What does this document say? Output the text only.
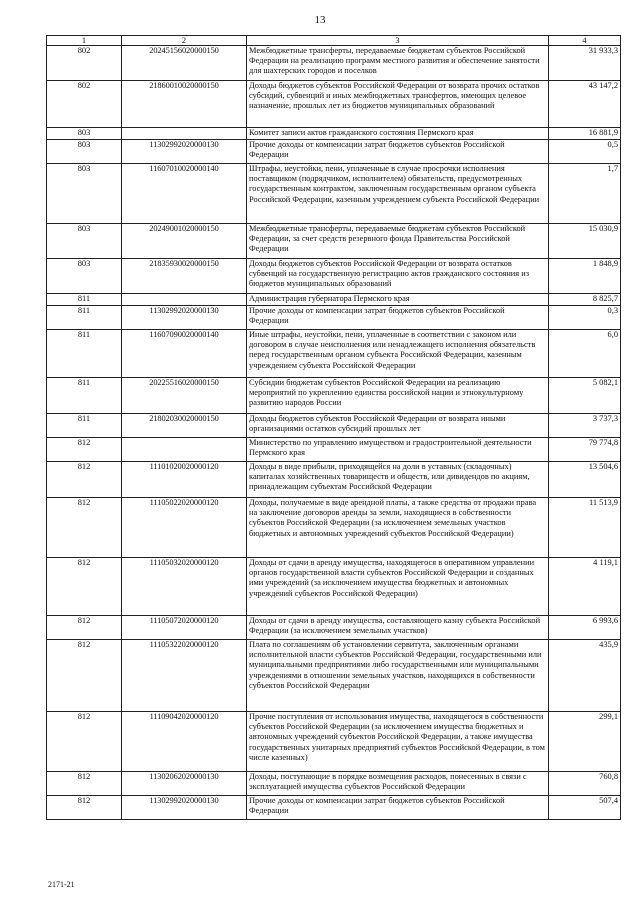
13
1	2	3	4
802	20245156020000150	Межбюджетные трансферты, передаваемые бюджетам субъектов Российской Федерации на реализацию программ местного развития и обеспечение занятости для шахтерских городов и поселков	31 933,3
802	21860010020000150	Доходы бюджетов субъектов Российской Федерации от возврата прочих остатков субсидий, субвенций и иных межбюджетных трансфертов, имеющих целевое назначение, прошлых лет из бюджетов муниципальных образований	43 147,2
803		Комитет записи актов гражданского состояния Пермского края	16 881,9
803	11302992020000130	Прочие доходы от компенсации затрат бюджетов субъектов Российской Федерации	0,5
803	11607010020000140	Штрафы, неустойки, пени, уплаченные в случае просрочки исполнения поставщиком (подрядчиком, исполнителем) обязательств, предусмотренных государственным контрактом, заключенным государственным органом субъекта Российской Федерации, казенным учреждением субъекта Российской Федерации	1,7
803	20249001020000150	Межбюджетные трансферты, передаваемые бюджетам субъектов Российской Федерации, за счет средств резервного фонда Правительства Российской Федерации	15 030,9
803	21835930020000150	Доходы бюджетов субъектов Российской Федерации от возврата остатков субвенций на государственную регистрацию актов гражданского состояния из бюджетов муниципальных образований	1 848,9
811		Администрация губернатора Пермского края	8 825,7
811	11302992020000130	Прочие доходы от компенсации затрат бюджетов субъектов Российской Федерации	0,3
811	11607090020000140	Иные штрафы, неустойки, пени, уплаченные в соответствии с законом или договором в случае неисполнения или ненадлежащего исполнения обязательств перед государственным органом субъекта Российской Федерации, казенным учреждением субъекта Российской Федерации	6,0
811	20225516020000150	Субсидии бюджетам субъектов Российской Федерации на реализацию мероприятий по укреплению единства российской нации и этнокультурному развитию народов России	5 082,1
811	21802030020000150	Доходы бюджетов субъектов Российской Федерации от возврата иными организациями остатков субсидий прошлых лет	3 737,3
812		Министерство по управлению имуществом и градостроительной деятельности Пермского края	79 774,8
812	11101020020000120	Доходы в виде прибыли, приходящейся на доли в уставных (складочных) капиталах хозяйственных товариществ и обществ, или дивидендов по акциям, принадлежащим субъектам Российской Федерации	13 504,6
812	11105022020000120	Доходы, получаемые в виде арендной платы, а также средства от продажи права на заключение договоров аренды за земли, находящиеся в собственности субъектов Российской Федерации (за исключением земельных участков бюджетных и автономных учреждений субъектов Российской Федерации)	11 513,9
812	11105032020000120	Доходы от сдачи в аренду имущества, находящегося в оперативном управлении органов государственной власти субъектов Российской Федерации и созданных ими учреждений (за исключением имущества бюджетных и автономных учреждений субъектов Российской Федерации)	4 119,1
812	11105072020000120	Доходы от сдачи в аренду имущества, составляющего казну субъекта Российской Федерации (за исключением земельных участков)	6 993,6
812	11105322020000120	Плата по соглашениям об установлении сервитута, заключенным органами исполнительной власти субъектов Российской Федерации, государственными или муниципальными предприятиями либо государственными или муниципальными учреждениями в отношении земельных участков, находящихся в собственности субъектов Российской Федерации	435,9
812	11109042020000120	Прочие поступления от использования имущества, находящегося в собственности субъектов Российской Федерации (за исключением имущества бюджетных и автономных учреждений субъектов Российской Федерации, а также имущества государственных унитарных предприятий субъектов Российской Федерации, в том числе казенных)	299,1
812	11302062020000130	Доходы, поступающие в порядке возмещения расходов, понесенных в связи с эксплуатацией имущества субъектов Российской Федерации	760,8
812	11302992020000130	Прочие доходы от компенсации затрат бюджетов субъектов Российской Федерации	507,4
2171-21
